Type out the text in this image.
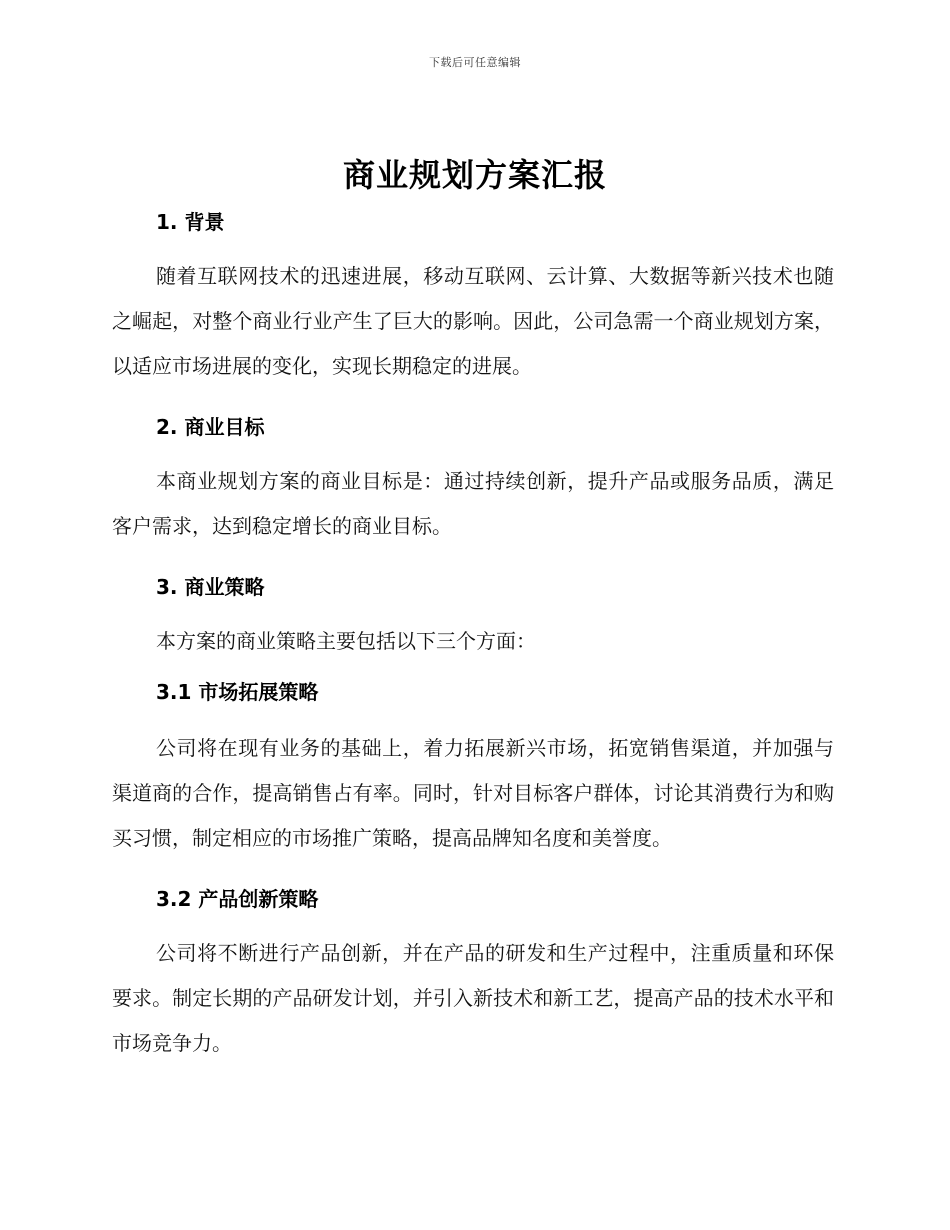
下载后可任意编辑
商业规划方案汇报
1. 背景

随着互联网技术的迅速进展，移动互联网、云计算、大数据等新兴技术也随之崛起，对整个商业行业产生了巨大的影响。因此，公司急需一个商业规划方案，以适应市场进展的变化，实现长期稳定的进展。

2. 商业目标

本商业规划方案的商业目标是：通过持续创新，提升产品或服务品质，满足客户需求，达到稳定增长的商业目标。

3. 商业策略

本方案的商业策略主要包括以下三个方面：

3.1 市场拓展策略

公司将在现有业务的基础上，着力拓展新兴市场，拓宽销售渠道，并加强与渠道商的合作，提高销售占有率。同时，针对目标客户群体，讨论其消费行为和购买习惯，制定相应的市场推广策略，提高品牌知名度和美誉度。

3.2 产品创新策略

公司将不断进行产品创新，并在产品的研发和生产过程中，注重质量和环保要求。制定长期的产品研发计划，并引入新技术和新工艺，提高产品的技术水平和市场竞争力。
